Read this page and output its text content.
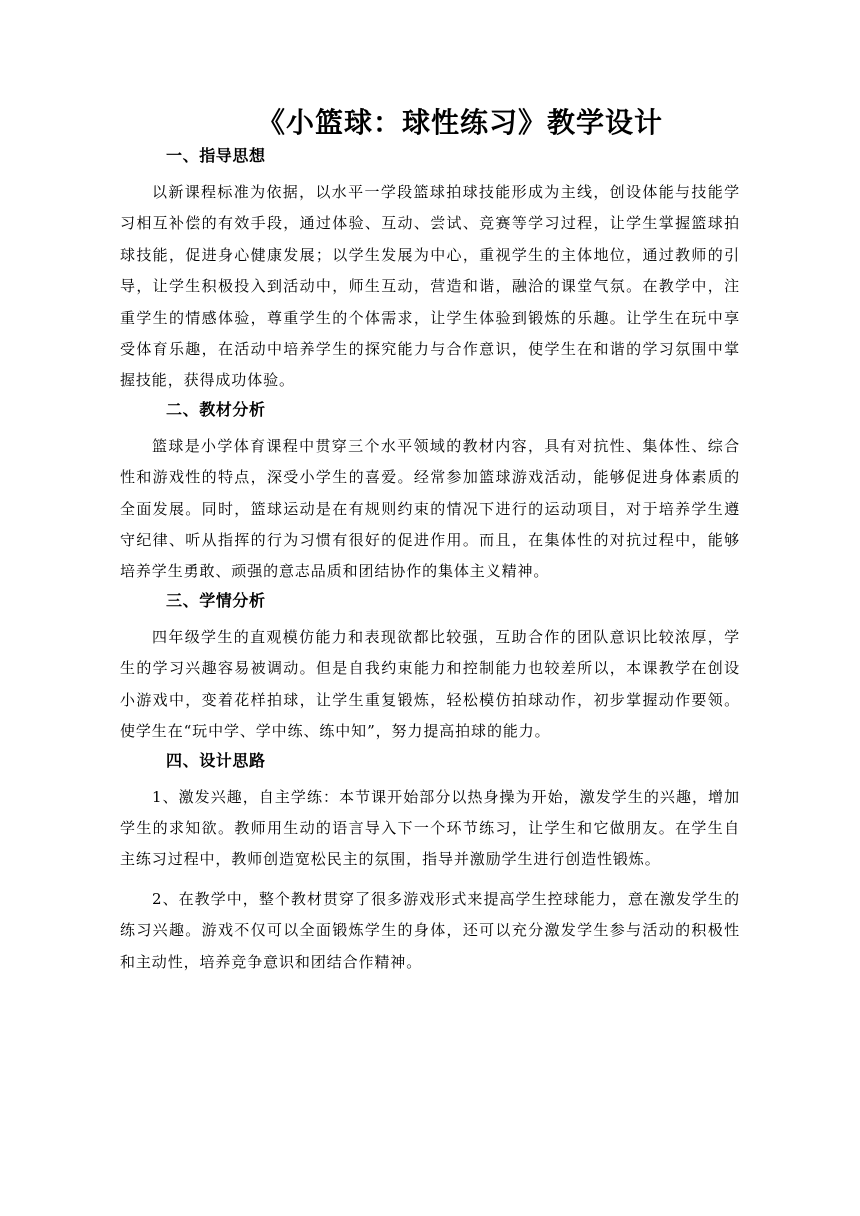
《小篮球：球性练习》教学设计
一、指导思想

以新课程标准为依据，以水平一学段篮球拍球技能形成为主线，创设体能与技能学习相互补偿的有效手段，通过体验、互动、尝试、竞赛等学习过程，让学生掌握篮球拍球技能，促进身心健康发展；以学生发展为中心，重视学生的主体地位，通过教师的引导，让学生积极投入到活动中，师生互动，营造和谐，融洽的课堂气氛。在教学中，注重学生的情感体验，尊重学生的个体需求，让学生体验到锻炼的乐趣。让学生在玩中享受体育乐趣，在活动中培养学生的探究能力与合作意识，使学生在和谐的学习氛围中掌握技能，获得成功体验。

二、教材分析

篮球是小学体育课程中贯穿三个水平领域的教材内容，具有对抗性、集体性、综合性和游戏性的特点，深受小学生的喜爱。经常参加篮球游戏活动，能够促进身体素质的全面发展。同时，篮球运动是在有规则约束的情况下进行的运动项目，对于培养学生遵守纪律、听从指挥的行为习惯有很好的促进作用。而且，在集体性的对抗过程中，能够培养学生勇敢、顽强的意志品质和团结协作的集体主义精神。

三、学情分析

四年级学生的直观模仿能力和表现欲都比较强，互助合作的团队意识比较浓厚，学生的学习兴趣容易被调动。但是自我约束能力和控制能力也较差所以，本课教学在创设小游戏中，变着花样拍球，让学生重复锻炼，轻松模仿拍球动作，初步掌握动作要领。使学生在“玩中学、学中练、练中知”，努力提高拍球的能力。

四、设计思路

1、激发兴趣，自主学练：本节课开始部分以热身操为开始，激发学生的兴趣，增加学生的求知欲。教师用生动的语言导入下一个环节练习，让学生和它做朋友。在学生自主练习过程中，教师创造宽松民主的氛围，指导并激励学生进行创造性锻炼。

2、在教学中，整个教材贯穿了很多游戏形式来提高学生控球能力，意在激发学生的练习兴趣。游戏不仅可以全面锻炼学生的身体，还可以充分激发学生参与活动的积极性和主动性，培养竞争意识和团结合作精神。
